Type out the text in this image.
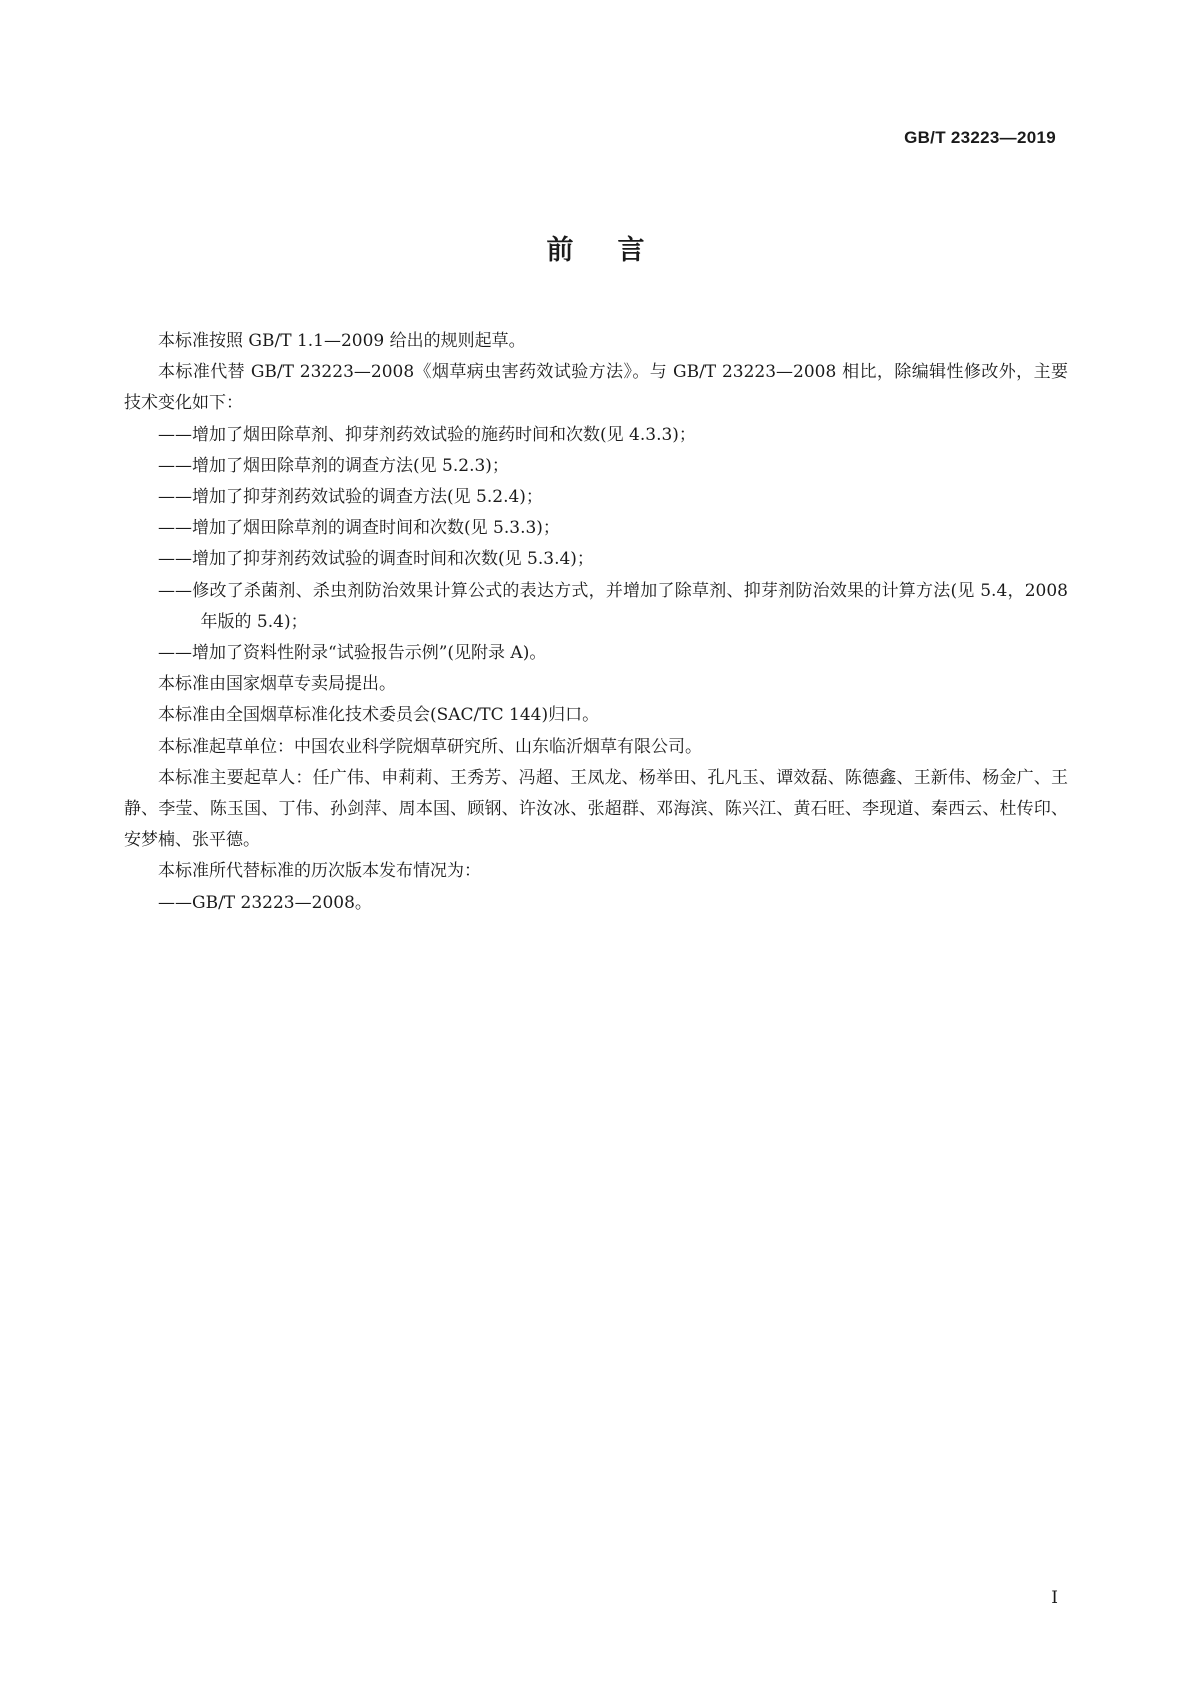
GB/T 23223—2019
前言
本标准按照 GB/T 1.1—2009 给出的规则起草。
本标准代替 GB/T 23223—2008《烟草病虫害药效试验方法》。与 GB/T 23223—2008 相比，除编辑性修改外，主要技术变化如下：
——增加了烟田除草剂、抑芽剂药效试验的施药时间和次数(见 4.3.3)；
——增加了烟田除草剂的调查方法(见 5.2.3)；
——增加了抑芽剂药效试验的调查方法(见 5.2.4)；
——增加了烟田除草剂的调查时间和次数(见 5.3.3)；
——增加了抑芽剂药效试验的调查时间和次数(见 5.3.4)；
——修改了杀菌剂、杀虫剂防治效果计算公式的表达方式，并增加了除草剂、抑芽剂防治效果的计算方法(见 5.4，2008 年版的 5.4)；
——增加了资料性附录“试验报告示例”(见附录 A)。
本标准由国家烟草专卖局提出。
本标准由全国烟草标准化技术委员会(SAC/TC 144)归口。
本标准起草单位：中国农业科学院烟草研究所、山东临沂烟草有限公司。
本标准主要起草人：任广伟、申莉莉、王秀芳、冯超、王凤龙、杨举田、孔凡玉、谭效磊、陈德鑫、王新伟、杨金广、王静、李莹、陈玉国、丁伟、孙剑萍、周本国、顾钢、许汝冰、张超群、邓海滨、陈兴江、黄石旺、李现道、秦西云、杜传印、安梦楠、张平德。
本标准所代替标准的历次版本发布情况为：
——GB/T 23223—2008。
I
